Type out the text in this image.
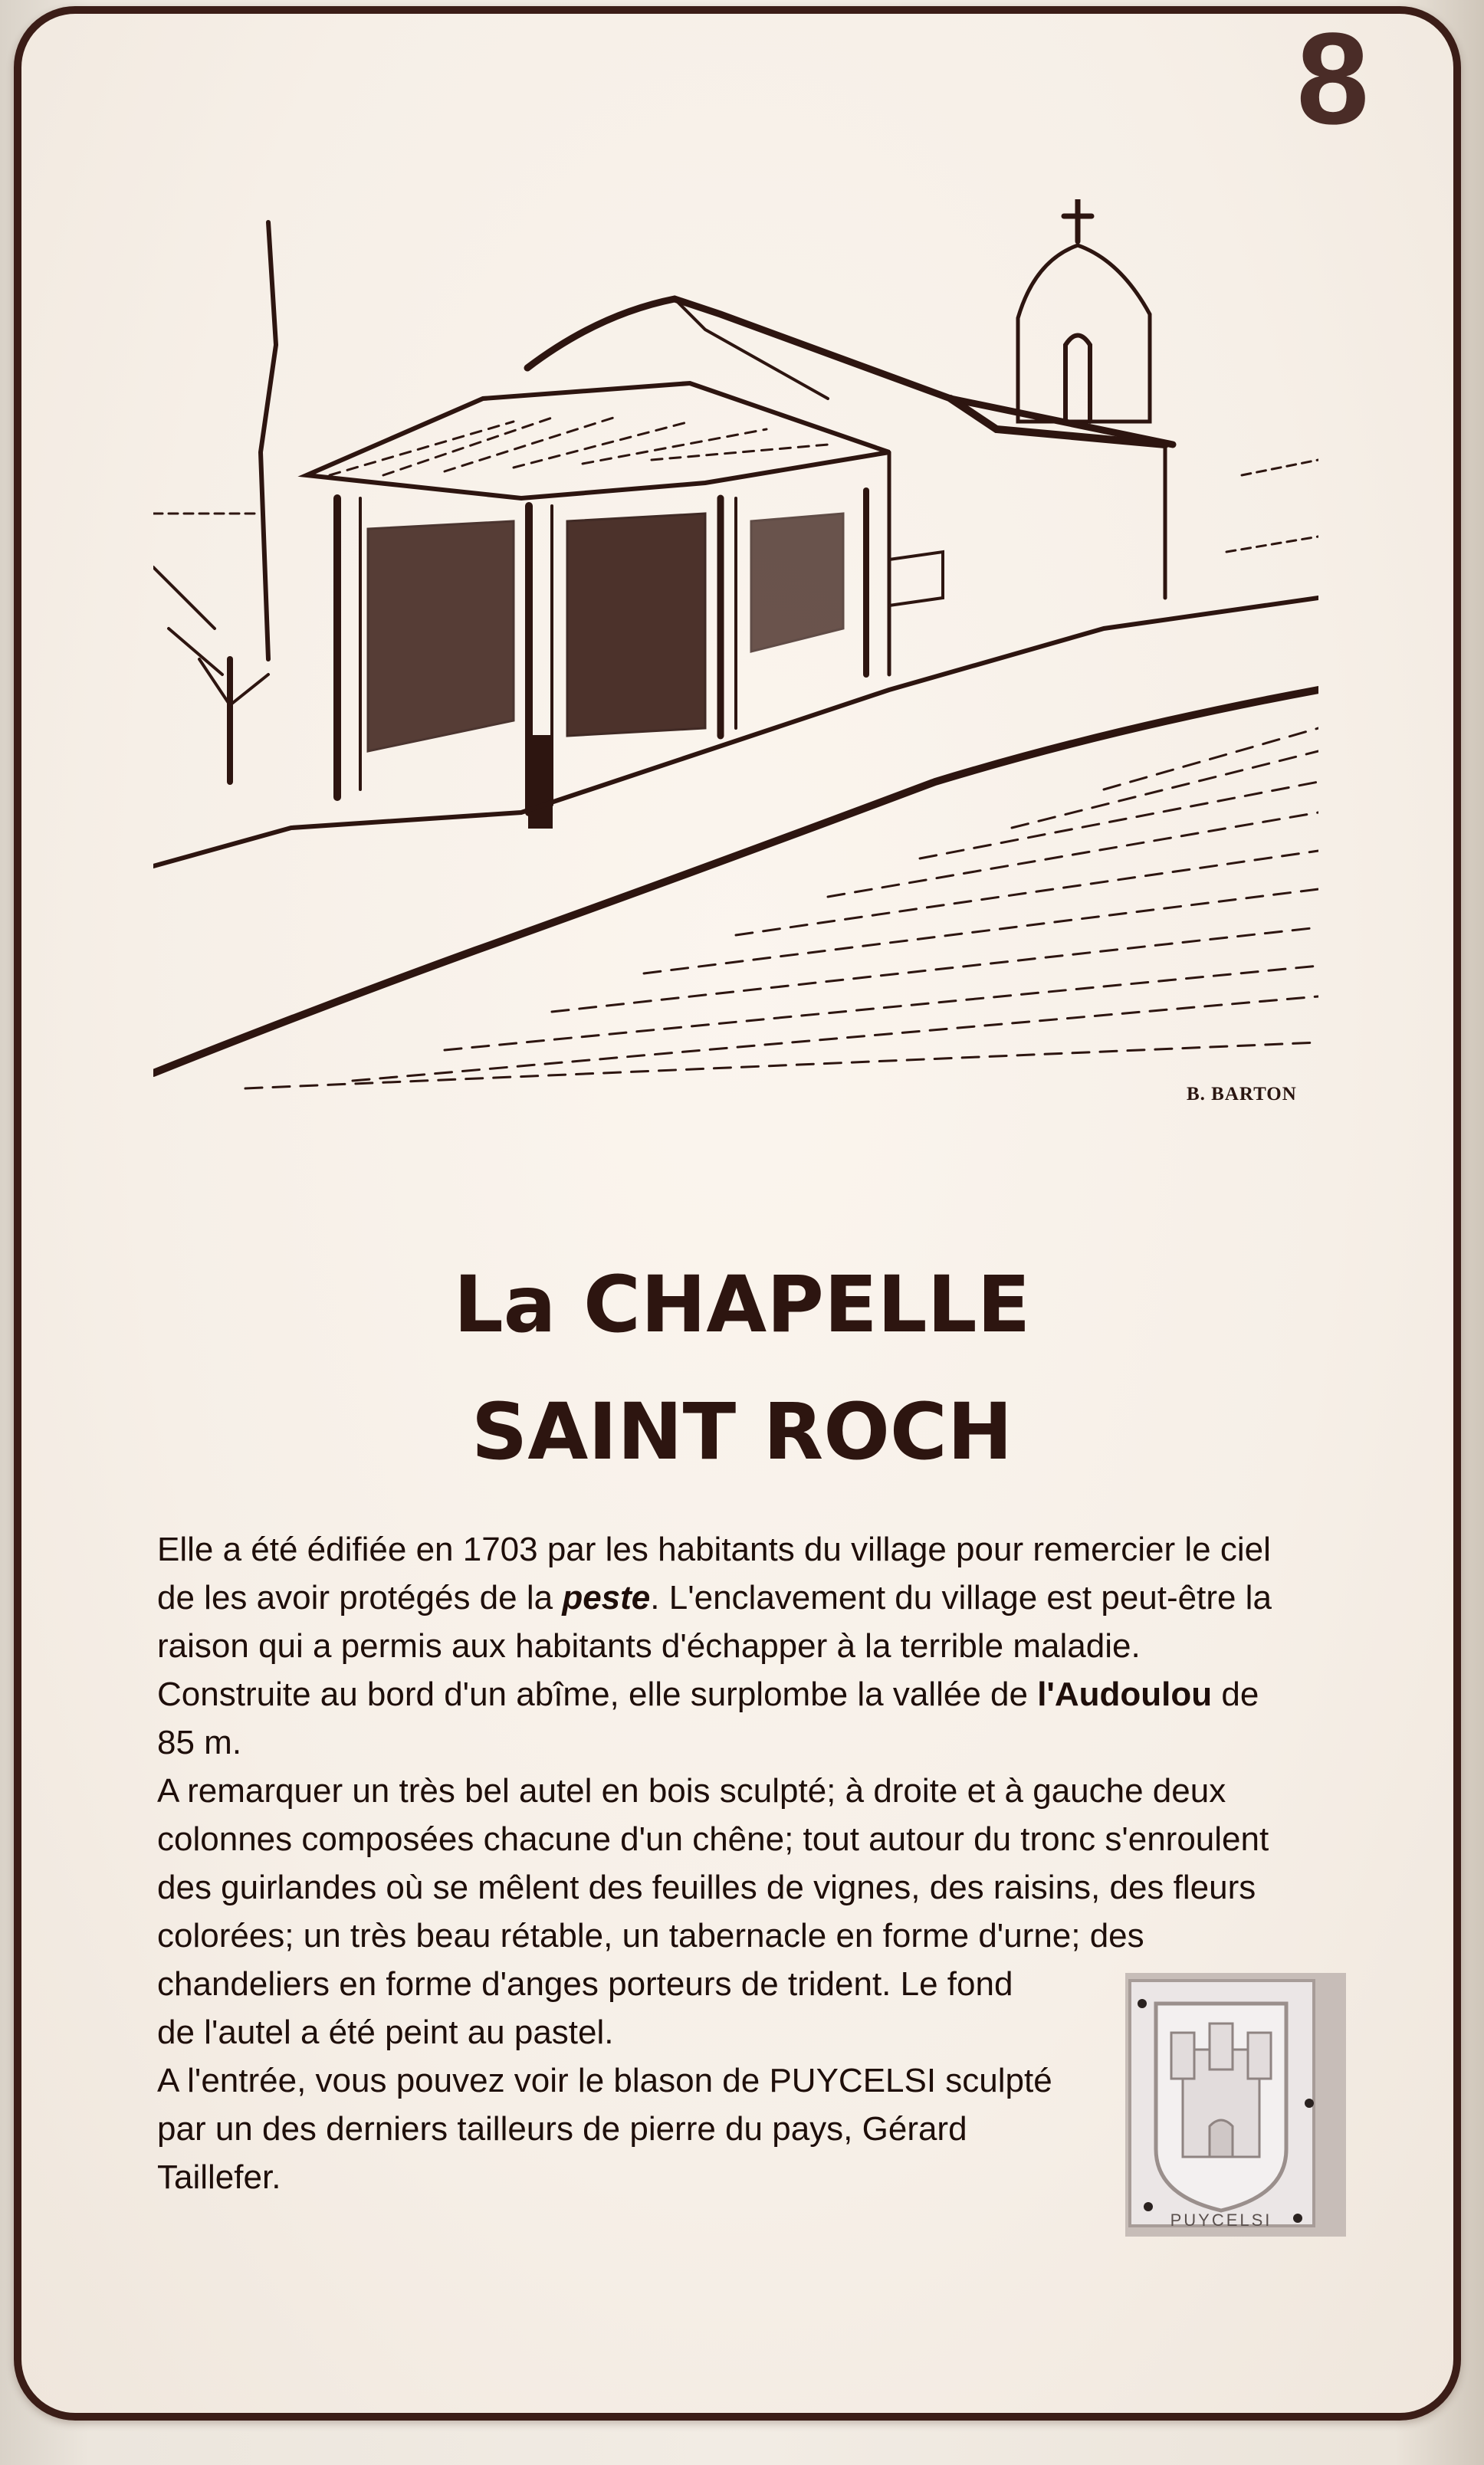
8
B. BARTON
La CHAPELLE
SAINT ROCH
Elle a été édifiée en 1703 par les habitants du village pour remercier le ciel
de les avoir protégés de la peste. L'enclavement du village est peut-être la
raison qui a permis aux habitants d'échapper à la terrible maladie.
Construite au bord d'un abîme, elle surplombe la vallée de l'Audoulou de
85 m.
A remarquer un très bel autel en bois sculpté; à droite et à gauche deux
colonnes composées chacune d'un chêne; tout autour du tronc s'enroulent
des guirlandes où se mêlent des feuilles de vignes, des raisins, des fleurs
colorées; un très beau rétable, un tabernacle en forme d'urne; des
chandeliers en forme d'anges porteurs de trident. Le fond
de l'autel a été peint au pastel.
A l'entrée, vous pouvez voir le blason de PUYCELSI sculpté
par un des derniers tailleurs de pierre du pays, Gérard
Taillefer.
PUYCELSI
